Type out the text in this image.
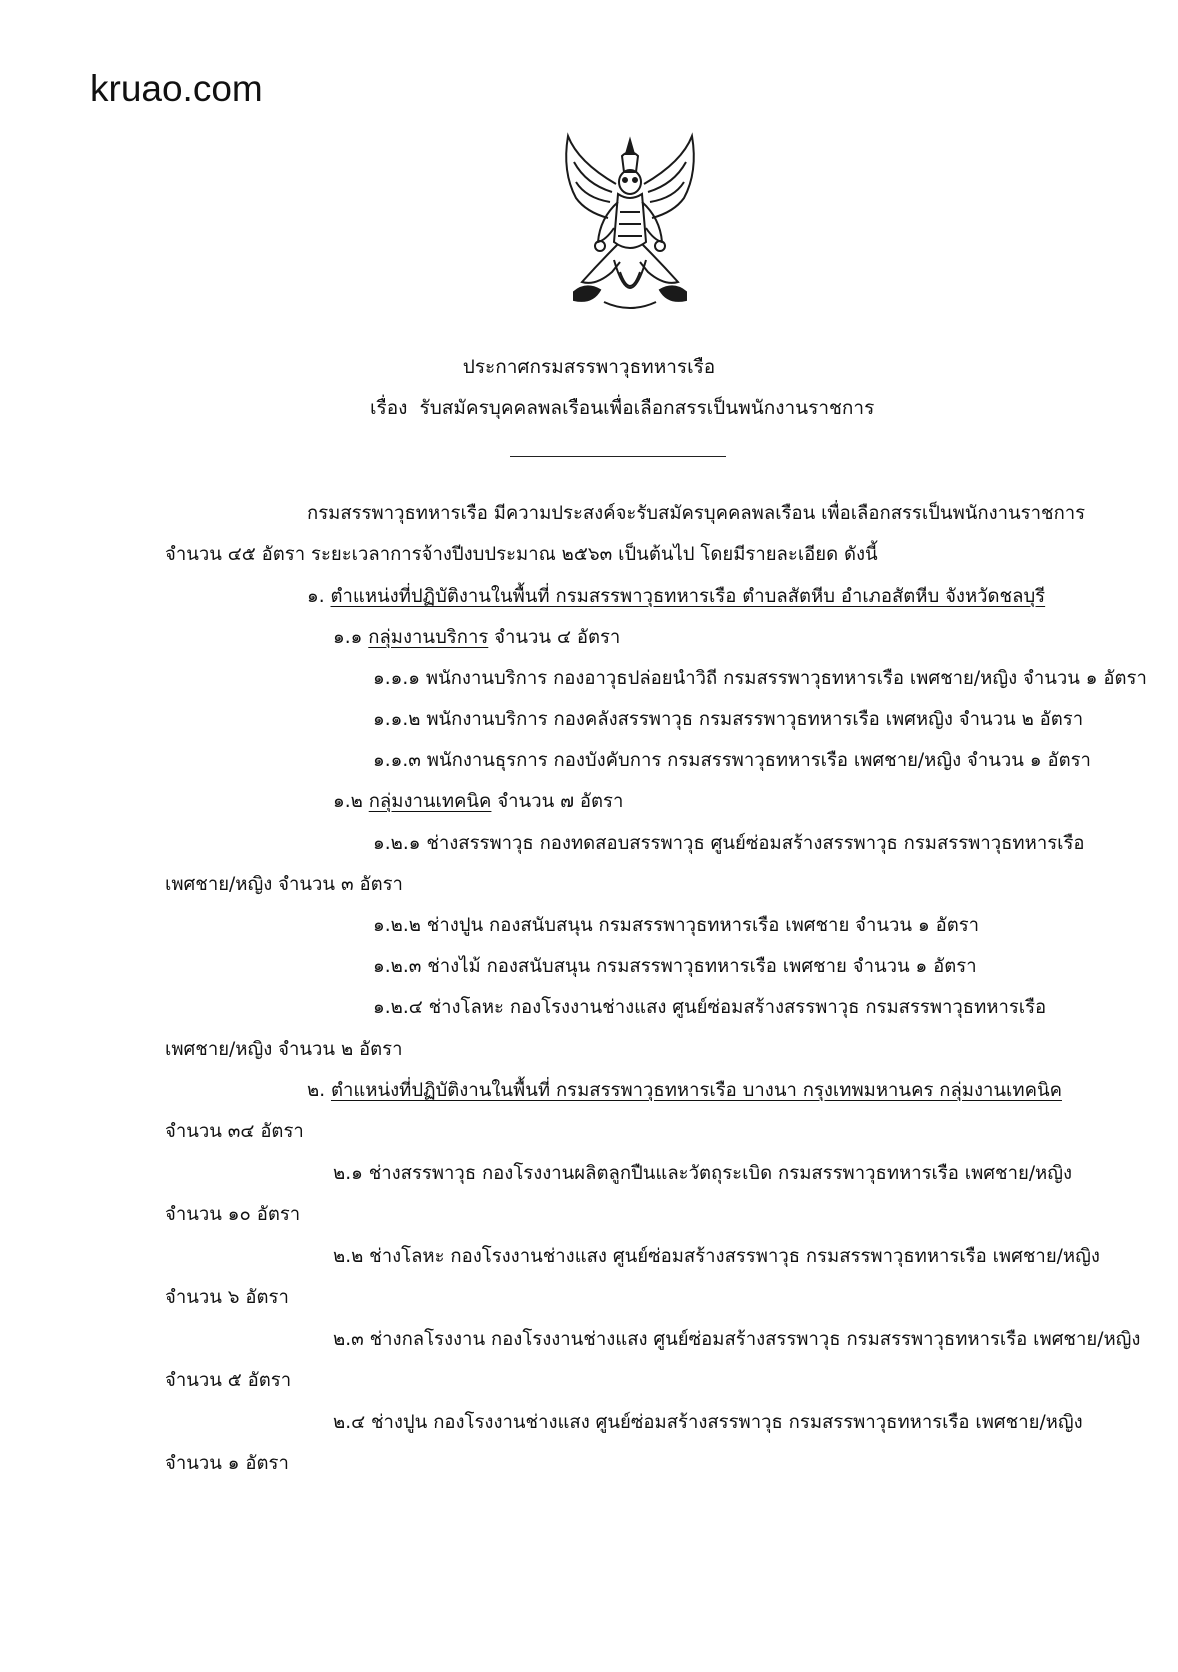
kruao.com
ประกาศกรมสรรพาวุธทหารเรือ
เรื่อง รับสมัครบุคคลพลเรือนเพื่อเลือกสรรเป็นพนักงานราชการ
กรมสรรพาวุธทหารเรือ มีความประสงค์จะรับสมัครบุคคลพลเรือน เพื่อเลือกสรรเป็นพนักงานราชการ
จำนวน ๔๕ อัตรา ระยะเวลาการจ้างปีงบประมาณ ๒๕๖๓ เป็นต้นไป โดยมีรายละเอียด ดังนี้
๑. ตำแหน่งที่ปฏิบัติงานในพื้นที่ กรมสรรพาวุธทหารเรือ ตำบลสัตหีบ อำเภอสัตหีบ จังหวัดชลบุรี
๑.๑ กลุ่มงานบริการ จำนวน ๔ อัตรา
๑.๑.๑ พนักงานบริการ กองอาวุธปล่อยนำวิถี กรมสรรพาวุธทหารเรือ เพศชาย/หญิง จำนวน ๑ อัตรา
๑.๑.๒ พนักงานบริการ กองคลังสรรพาวุธ กรมสรรพาวุธทหารเรือ เพศหญิง จำนวน ๒ อัตรา
๑.๑.๓ พนักงานธุรการ กองบังคับการ กรมสรรพาวุธทหารเรือ เพศชาย/หญิง จำนวน ๑ อัตรา
๑.๒ กลุ่มงานเทคนิค จำนวน ๗ อัตรา
๑.๒.๑ ช่างสรรพาวุธ กองทดสอบสรรพาวุธ ศูนย์ซ่อมสร้างสรรพาวุธ กรมสรรพาวุธทหารเรือ
เพศชาย/หญิง จำนวน ๓ อัตรา
๑.๒.๒ ช่างปูน กองสนับสนุน กรมสรรพาวุธทหารเรือ เพศชาย จำนวน ๑ อัตรา
๑.๒.๓ ช่างไม้ กองสนับสนุน กรมสรรพาวุธทหารเรือ เพศชาย จำนวน ๑ อัตรา
๑.๒.๔ ช่างโลหะ กองโรงงานช่างแสง ศูนย์ซ่อมสร้างสรรพาวุธ กรมสรรพาวุธทหารเรือ
เพศชาย/หญิง จำนวน ๒ อัตรา
๒. ตำแหน่งที่ปฏิบัติงานในพื้นที่ กรมสรรพาวุธทหารเรือ บางนา กรุงเทพมหานคร กลุ่มงานเทคนิค
จำนวน ๓๔ อัตรา
๒.๑ ช่างสรรพาวุธ กองโรงงานผลิตลูกปืนและวัตถุระเบิด กรมสรรพาวุธทหารเรือ เพศชาย/หญิง
จำนวน ๑๐ อัตรา
๒.๒ ช่างโลหะ กองโรงงานช่างแสง ศูนย์ซ่อมสร้างสรรพาวุธ กรมสรรพาวุธทหารเรือ เพศชาย/หญิง
จำนวน ๖ อัตรา
๒.๓ ช่างกลโรงงาน กองโรงงานช่างแสง ศูนย์ซ่อมสร้างสรรพาวุธ กรมสรรพาวุธทหารเรือ เพศชาย/หญิง
จำนวน ๕ อัตรา
๒.๔ ช่างปูน กองโรงงานช่างแสง ศูนย์ซ่อมสร้างสรรพาวุธ กรมสรรพาวุธทหารเรือ เพศชาย/หญิง
จำนวน ๑ อัตรา
